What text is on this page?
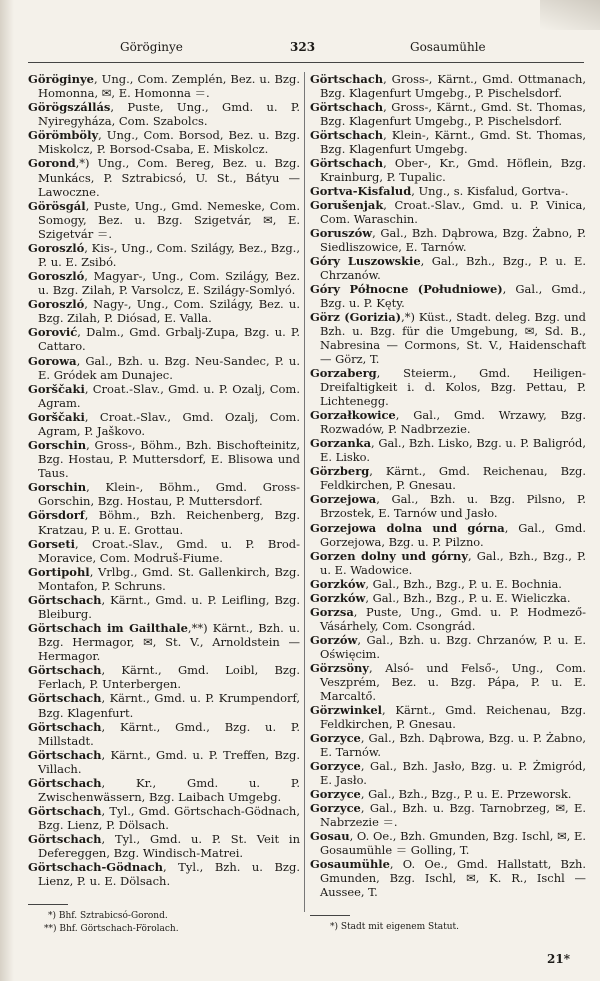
Göröginye	323	Gosaumühle

Göröginye, Ung., Com. Zemplén, Bez. u. Bzg. Homonna, ✉, E. Homonna ＝.

Görögszállás, Puste, Ung., Gmd. u. P. Nyiregyháza, Com. Szabolcs.

Görömböly, Ung., Com. Borsod, Bez. u. Bzg. Miskolcz, P. Borsod-Csaba, E. Miskolcz.

Gorond,*) Ung., Com. Bereg, Bez. u. Bzg. Munkács, P. Sztrabicsó, U. St., Bátyu — Lawoczne.

Görösgál, Puste, Ung., Gmd. Nemeske, Com. Somogy, Bez. u. Bzg. Szigetvár, ✉, E. Szigetvár ＝.

Goroszló, Kis-, Ung., Com. Szilágy, Bez., Bzg., P. u. E. Zsibó.

Goroszló, Magyar-, Ung., Com. Szilágy, Bez. u. Bzg. Zilah, P. Varsolcz, E. Szilágy-Somlyó.

Goroszló, Nagy-, Ung., Com. Szilágy, Bez. u. Bzg. Zilah, P. Diósad, E. Valla.

Gorović, Dalm., Gmd. Grbalj-Zupa, Bzg. u. P. Cattaro.

Gorowa, Gal., Bzh. u. Bzg. Neu-Sandec, P. u. E. Gródek am Dunajec.

Gorščaki, Croat.-Slav., Gmd. u. P. Ozalj, Com. Agram.

Gorščaki, Croat.-Slav., Gmd. Ozalj, Com. Agram, P. Jaškovo.

Gorschin, Gross-, Böhm., Bzh. Bischofteinitz, Bzg. Hostau, P. Muttersdorf, E. Blisowa und Taus.

Gorschin, Klein-, Böhm., Gmd. Gross-Gorschin, Bzg. Hostau, P. Muttersdorf.

Görsdorf, Böhm., Bzh. Reichenberg, Bzg. Kratzau, P. u. E. Grottau.

Gorseti, Croat.-Slav., Gmd. u. P. Brod-Moravice, Com. Modruš-Fiume.

Gortipohl, Vrlbg., Gmd. St. Gallenkirch, Bzg. Montafon, P. Schruns.

Görtschach, Kärnt., Gmd. u. P. Leifling, Bzg. Bleiburg.

Görtschach im Gailthale,**) Kärnt., Bzh. u. Bzg. Hermagor, ✉, St. V., Arnoldstein — Hermagor.

Görtschach, Kärnt., Gmd. Loibl, Bzg. Ferlach, P. Unterbergen.

Görtschach, Kärnt., Gmd. u. P. Krumpendorf, Bzg. Klagenfurt.

Görtschach, Kärnt., Gmd., Bzg. u. P. Millstadt.

Görtschach, Kärnt., Gmd. u. P. Treffen, Bzg. Villach.

Görtschach, Kr., Gmd. u. P. Zwischenwässern, Bzg. Laibach Umgebg.

Görtschach, Tyl., Gmd. Görtschach-Gödnach, Bzg. Lienz, P. Dölsach.

Görtschach, Tyl., Gmd. u. P. St. Veit in Defereggen, Bzg. Windisch-Matrei.

Görtschach-Gödnach, Tyl., Bzh. u. Bzg. Lienz, P. u. E. Dölsach.

Görtschach, Gross-, Kärnt., Gmd. Ottmanach, Bzg. Klagenfurt Umgebg., P. Pischelsdorf.

Görtschach, Gross-, Kärnt., Gmd. St. Thomas, Bzg. Klagenfurt Umgebg., P. Pischelsdorf.

Görtschach, Klein-, Kärnt., Gmd. St. Thomas, Bzg. Klagenfurt Umgebg.

Görtschach, Ober-, Kr., Gmd. Höflein, Bzg. Krainburg, P. Tupalic.

Gortva-Kisfalud, Ung., s. Kisfalud, Gortva-.

Gorušenjak, Croat.-Slav., Gmd. u. P. Vinica, Com. Waraschin.

Goruszów, Gal., Bzh. Dąbrowa, Bzg. Żabno, P. Siedliszowice, E. Tarnów.

Góry Luszowskie, Gal., Bzh., Bzg., P. u. E. Chrzanów.

Góry Północne (Południowe), Gal., Gmd., Bzg. u. P. Kęty.

Görz (Gorizia),*) Küst., Stadt. deleg. Bzg. und Bzh. u. Bzg. für die Umgebung, ✉, Sd. B., Nabresina — Cormons, St. V., Haidenschaft — Görz, T.

Gorzaberg, Steierm., Gmd. Heiligen-Dreifaltigkeit i. d. Kolos, Bzg. Pettau, P. Lichtenegg.

Gorzałkowice, Gal., Gmd. Wrzawy, Bzg. Rozwadów, P. Nadbrzezie.

Gorzanka, Gal., Bzh. Lisko, Bzg. u. P. Baligród, E. Lisko.

Görzberg, Kärnt., Gmd. Reichenau, Bzg. Feldkirchen, P. Gnesau.

Gorzejowa, Gal., Bzh. u. Bzg. Pilsno, P. Brzostek, E. Tarnów und Jasło.

Gorzejowa dolna und górna, Gal., Gmd. Gorzejowa, Bzg. u. P. Pilzno.

Gorzen dolny und górny, Gal., Bzh., Bzg., P. u. E. Wadowice.

Gorzków, Gal., Bzh., Bzg., P. u. E. Bochnia.

Gorzków, Gal., Bzh., Bzg., P. u. E. Wieliczka.

Gorzsa, Puste, Ung., Gmd. u. P. Hodmező-Vásárhely, Com. Csongrád.

Gorzów, Gal., Bzh. u. Bzg. Chrzanów, P. u. E. Oświęcim.

Görzsöny, Alsó- und Felső-, Ung., Com. Veszprém, Bez. u. Bzg. Pápa, P. u. E. Marcaltő.

Görzwinkel, Kärnt., Gmd. Reichenau, Bzg. Feldkirchen, P. Gnesau.

Gorzyce, Gal., Bzh. Dąbrowa, Bzg. u. P. Żabno, E. Tarnów.

Gorzyce, Gal., Bzh. Jasło, Bzg. u. P. Żmigród, E. Jasło.

Gorzyce, Gal., Bzh., Bzg., P. u. E. Przeworsk.

Gorzyce, Gal., Bzh. u. Bzg. Tarnobrzeg, ✉, E. Nabrzezie ＝.

Gosau, O. Oe., Bzh. Gmunden, Bzg. Ischl, ✉, E. Gosaumühle ＝ Golling, T.

Gosaumühle, O. Oe., Gmd. Hallstatt, Bzh. Gmunden, Bzg. Ischl, ✉, K. R., Ischl — Aussee, T.

*) Bhf. Sztrabicsó-Gorond.
**) Bhf. Görtschach-Förolach.	*) Stadt mit eigenem Statut.
21*
